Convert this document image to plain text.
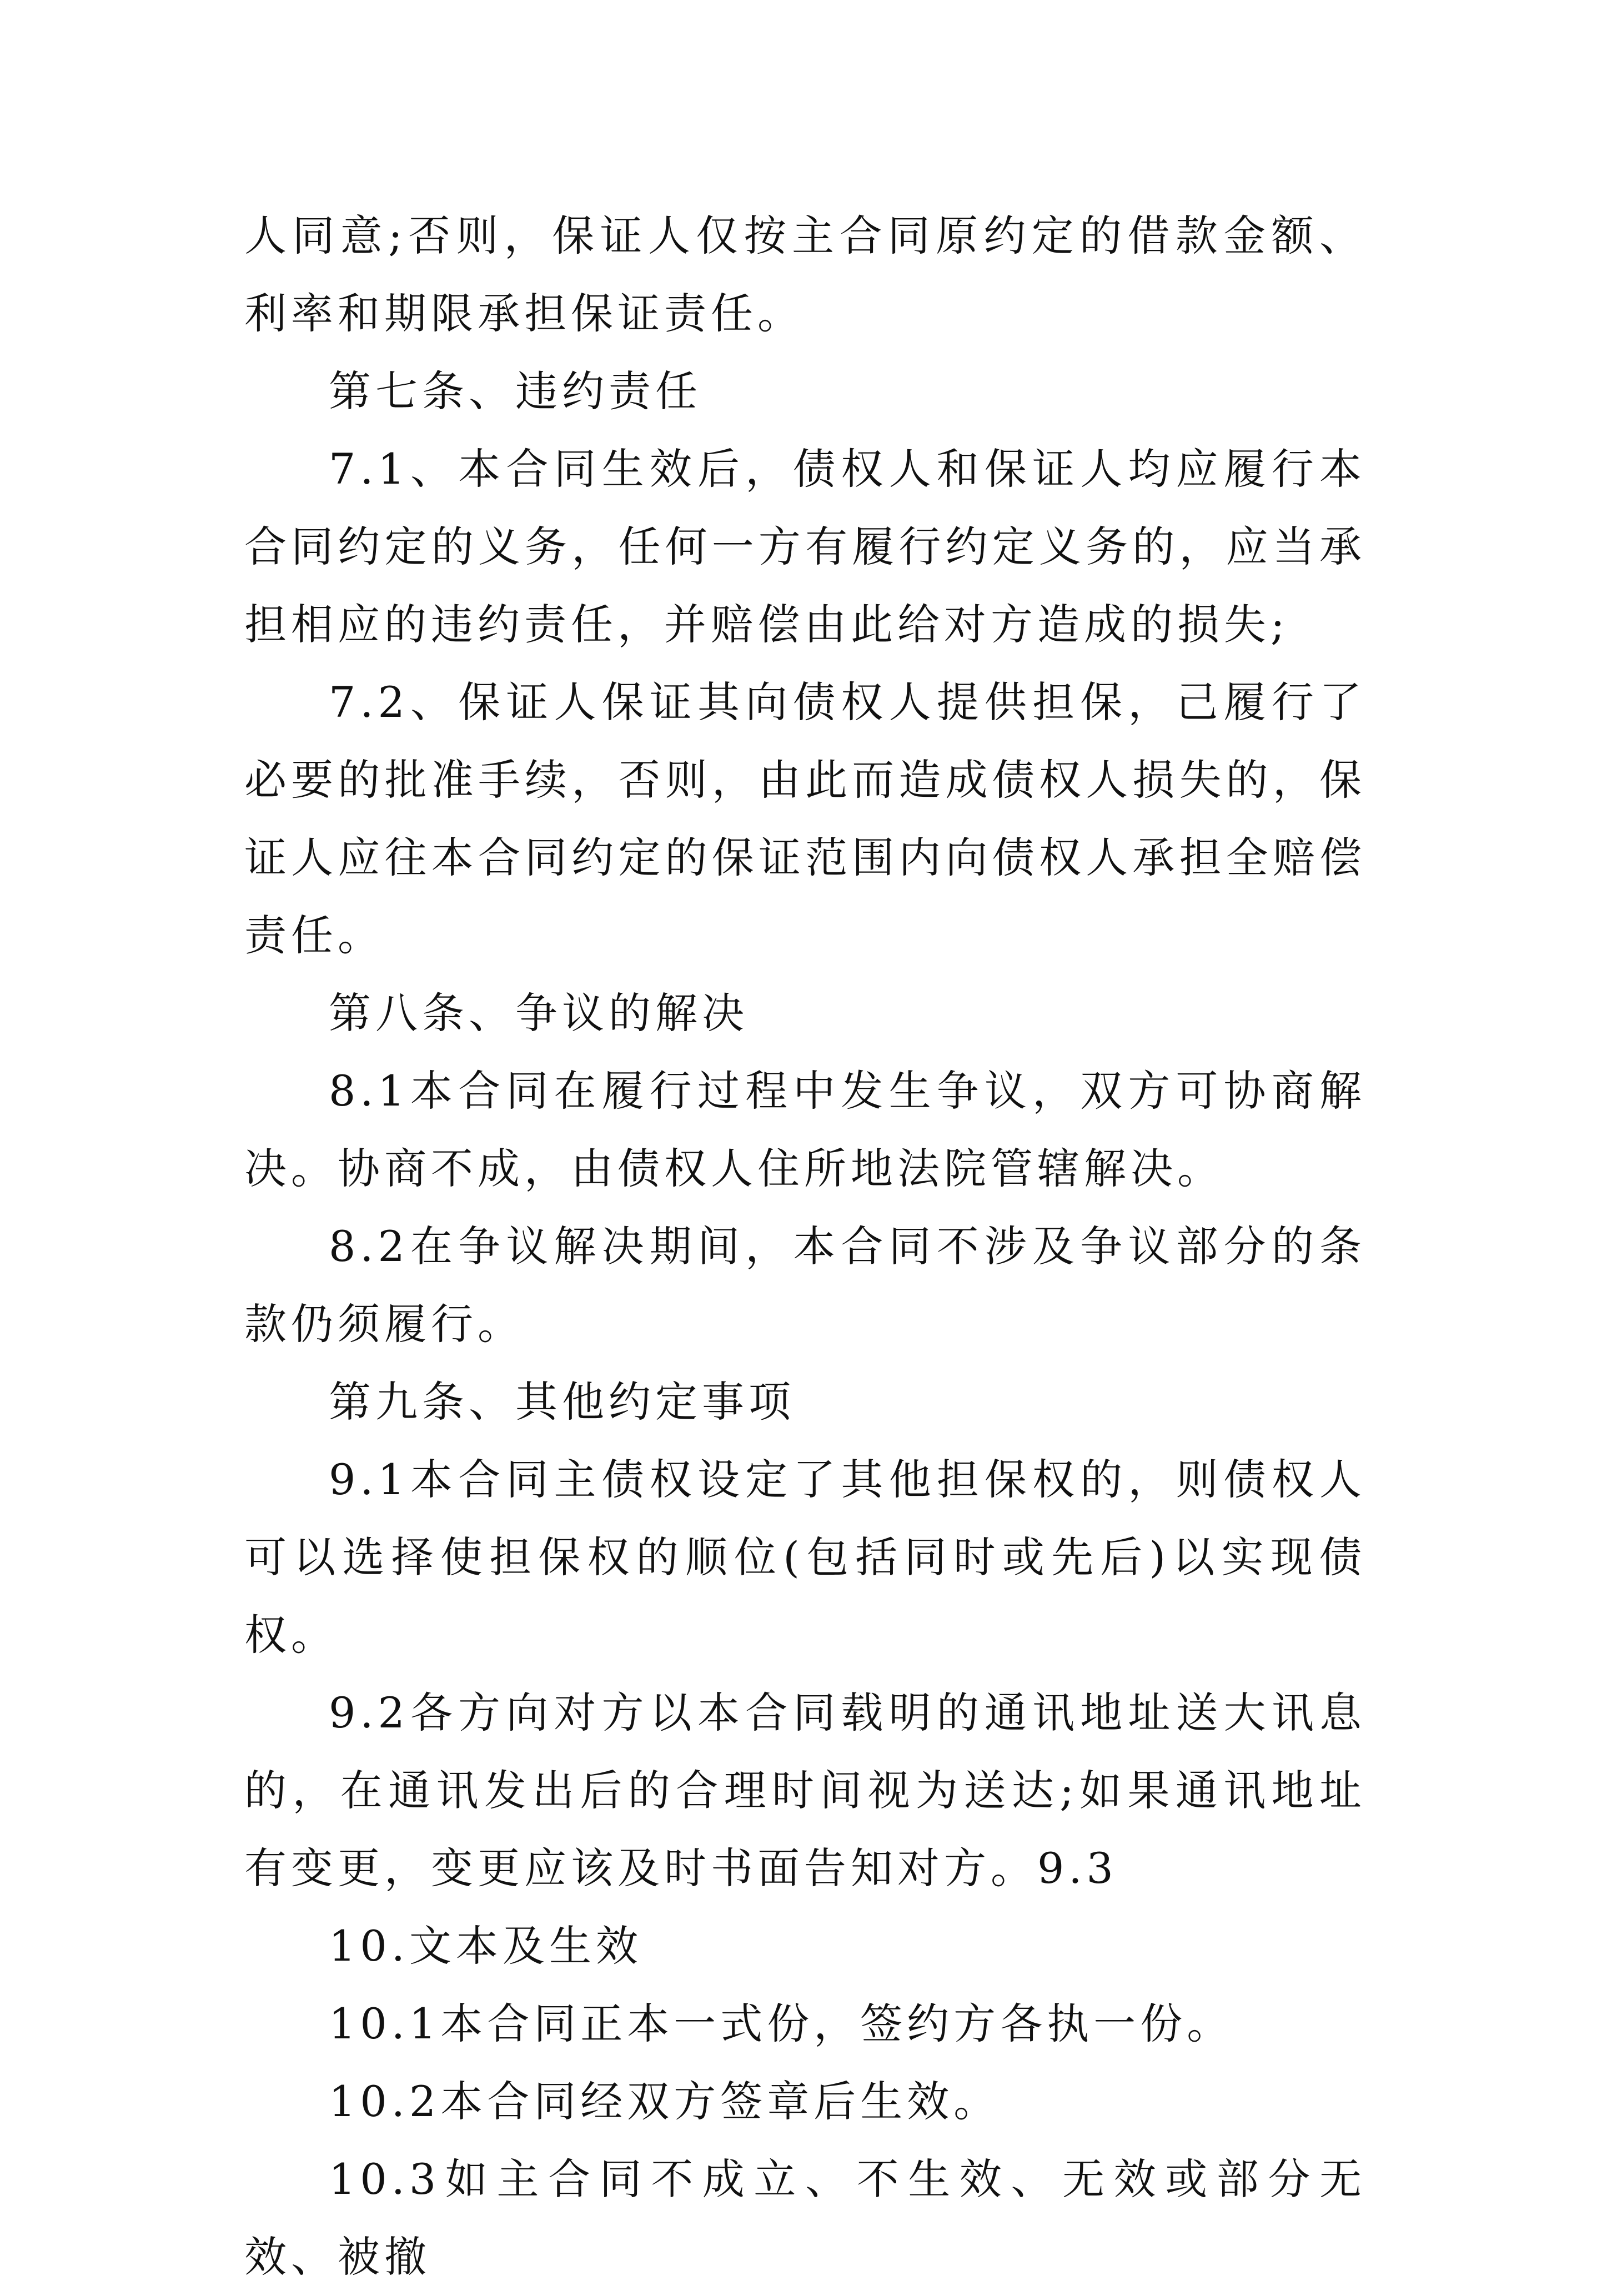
人同意;否则，保证人仅按主合同原约定的借款金额、利率和期限承担保证责任。

第七条、违约责任

7.1、本合同生效后，债权人和保证人均应履行本合同约定的义务，任何一方有履行约定义务的，应当承担相应的违约责任，并赔偿由此给对方造成的损失;

7.2、保证人保证其向债权人提供担保，己履行了必要的批准手续，否则，由此而造成债权人损失的，保证人应往本合同约定的保证范围内向债权人承担全赔偿责任。

第八条、争议的解决

8.1本合同在履行过程中发生争议，双方可协商解决。协商不成，由债权人住所地法院管辖解决。

8.2在争议解决期间，本合同不涉及争议部分的条款仍须履行。

第九条、其他约定事项

9.1本合同主债权设定了其他担保权的，则债权人可以选择使担保权的顺位(包括同时或先后)以实现债权。

9.2各方向对方以本合同载明的通讯地址送大讯息的，在通讯发出后的合理时间视为送达;如果通讯地址有变更，变更应该及时书面告知对方。9.3

10.文本及生效

10.1本合同正本一式份，签约方各执一份。

10.2本合同经双方签章后生效。

10.3如主合同不成立、不生效、无效或部分无效、被撤
